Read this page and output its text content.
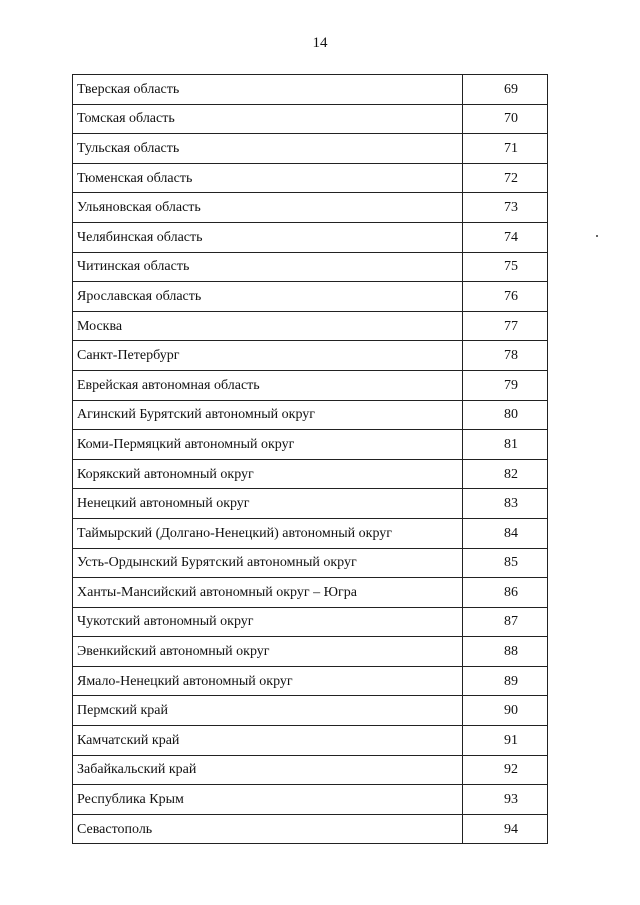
14
Тверская область	69
Томская область	70
Тульская область	71
Тюменская область	72
Ульяновская область	73
Челябинская область	74
Читинская область	75
Ярославская область	76
Москва	77
Санкт-Петербург	78
Еврейская автономная область	79
Агинский Бурятский автономный округ	80
Коми-Пермяцкий автономный округ	81
Корякский автономный округ	82
Ненецкий автономный округ	83
Таймырский (Долгано-Ненецкий) автономный округ	84
Усть-Ордынский Бурятский автономный округ	85
Ханты-Мансийский автономный округ – Югра	86
Чукотский автономный округ	87
Эвенкийский автономный округ	88
Ямало-Ненецкий автономный округ	89
Пермский край	90
Камчатский край	91
Забайкальский край	92
Республика Крым	93
Севастополь	94
